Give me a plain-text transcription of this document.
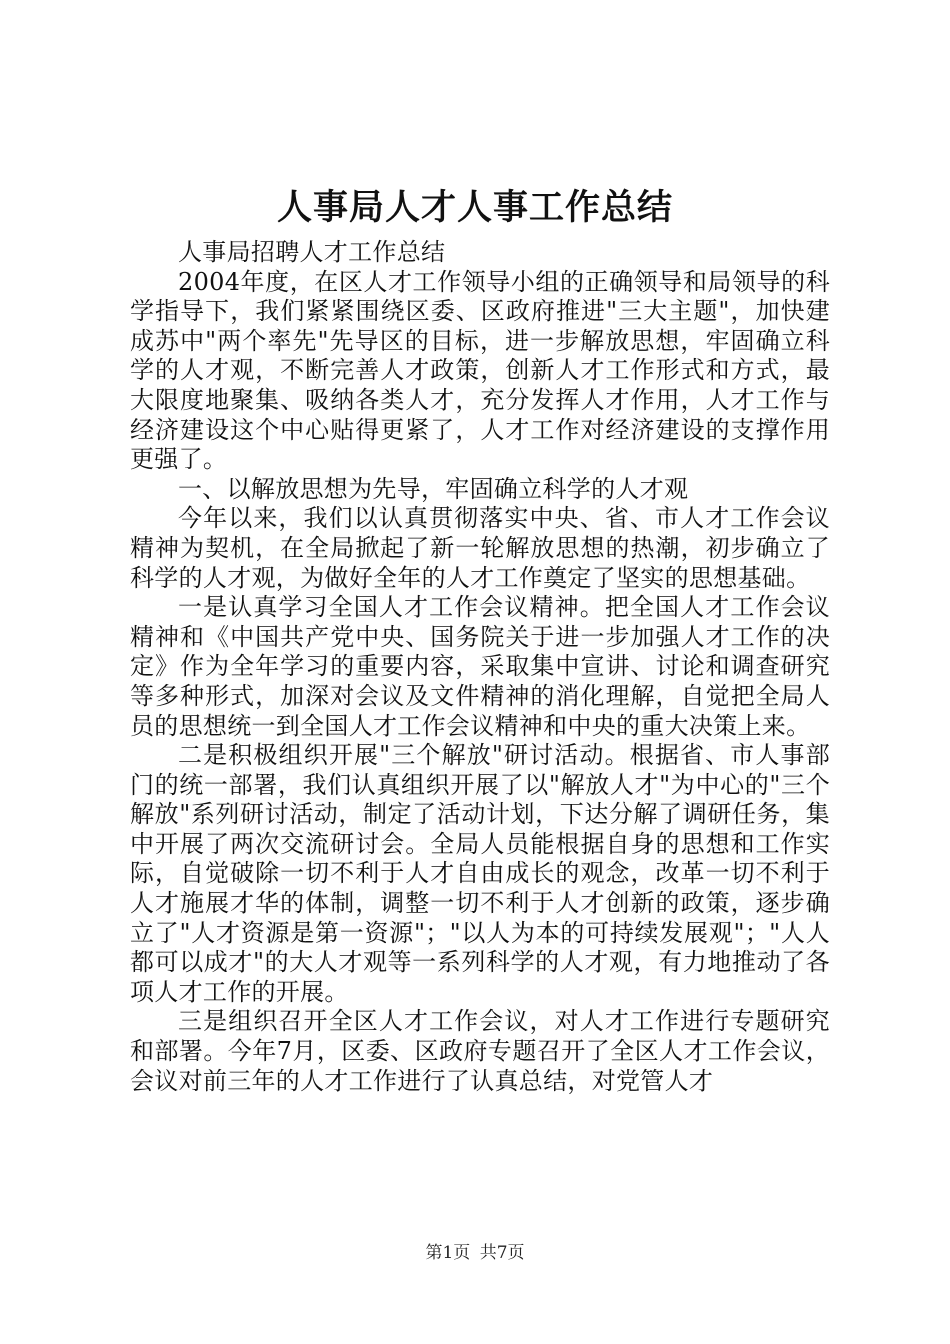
人事局人才人事工作总结

人事局招聘人才工作总结

2004年度，在区人才工作领导小组的正确领导和局领导的科学指导下，我们紧紧围绕区委、区政府推进"三大主题"，加快建成苏中"两个率先"先导区的目标，进一步解放思想，牢固确立科学的人才观，不断完善人才政策，创新人才工作形式和方式，最大限度地聚集、吸纳各类人才，充分发挥人才作用，人才工作与经济建设这个中心贴得更紧了，人才工作对经济建设的支撑作用更强了。

一、以解放思想为先导，牢固确立科学的人才观

今年以来，我们以认真贯彻落实中央、省、市人才工作会议精神为契机，在全局掀起了新一轮解放思想的热潮，初步确立了科学的人才观，为做好全年的人才工作奠定了坚实的思想基础。

一是认真学习全国人才工作会议精神。把全国人才工作会议精神和《中国共产党中央、国务院关于进一步加强人才工作的决定》作为全年学习的重要内容，采取集中宣讲、讨论和调查研究等多种形式，加深对会议及文件精神的消化理解，自觉把全局人员的思想统一到全国人才工作会议精神和中央的重大决策上来。

二是积极组织开展"三个解放"研讨活动。根据省、市人事部门的统一部署，我们认真组织开展了以"解放人才"为中心的"三个解放"系列研讨活动，制定了活动计划，下达分解了调研任务，集中开展了两次交流研讨会。全局人员能根据自身的思想和工作实际，自觉破除一切不利于人才自由成长的观念，改革一切不利于人才施展才华的体制，调整一切不利于人才创新的政策，逐步确立了"人才资源是第一资源"；"以人为本的可持续发展观"；"人人都可以成才"的大人才观等一系列科学的人才观，有力地推动了各项人才工作的开展。

三是组织召开全区人才工作会议，对人才工作进行专题研究和部署。今年7月，区委、区政府专题召开了全区人才工作会议，会议对前三年的人才工作进行了认真总结，对党管人才

第1页 共7页
